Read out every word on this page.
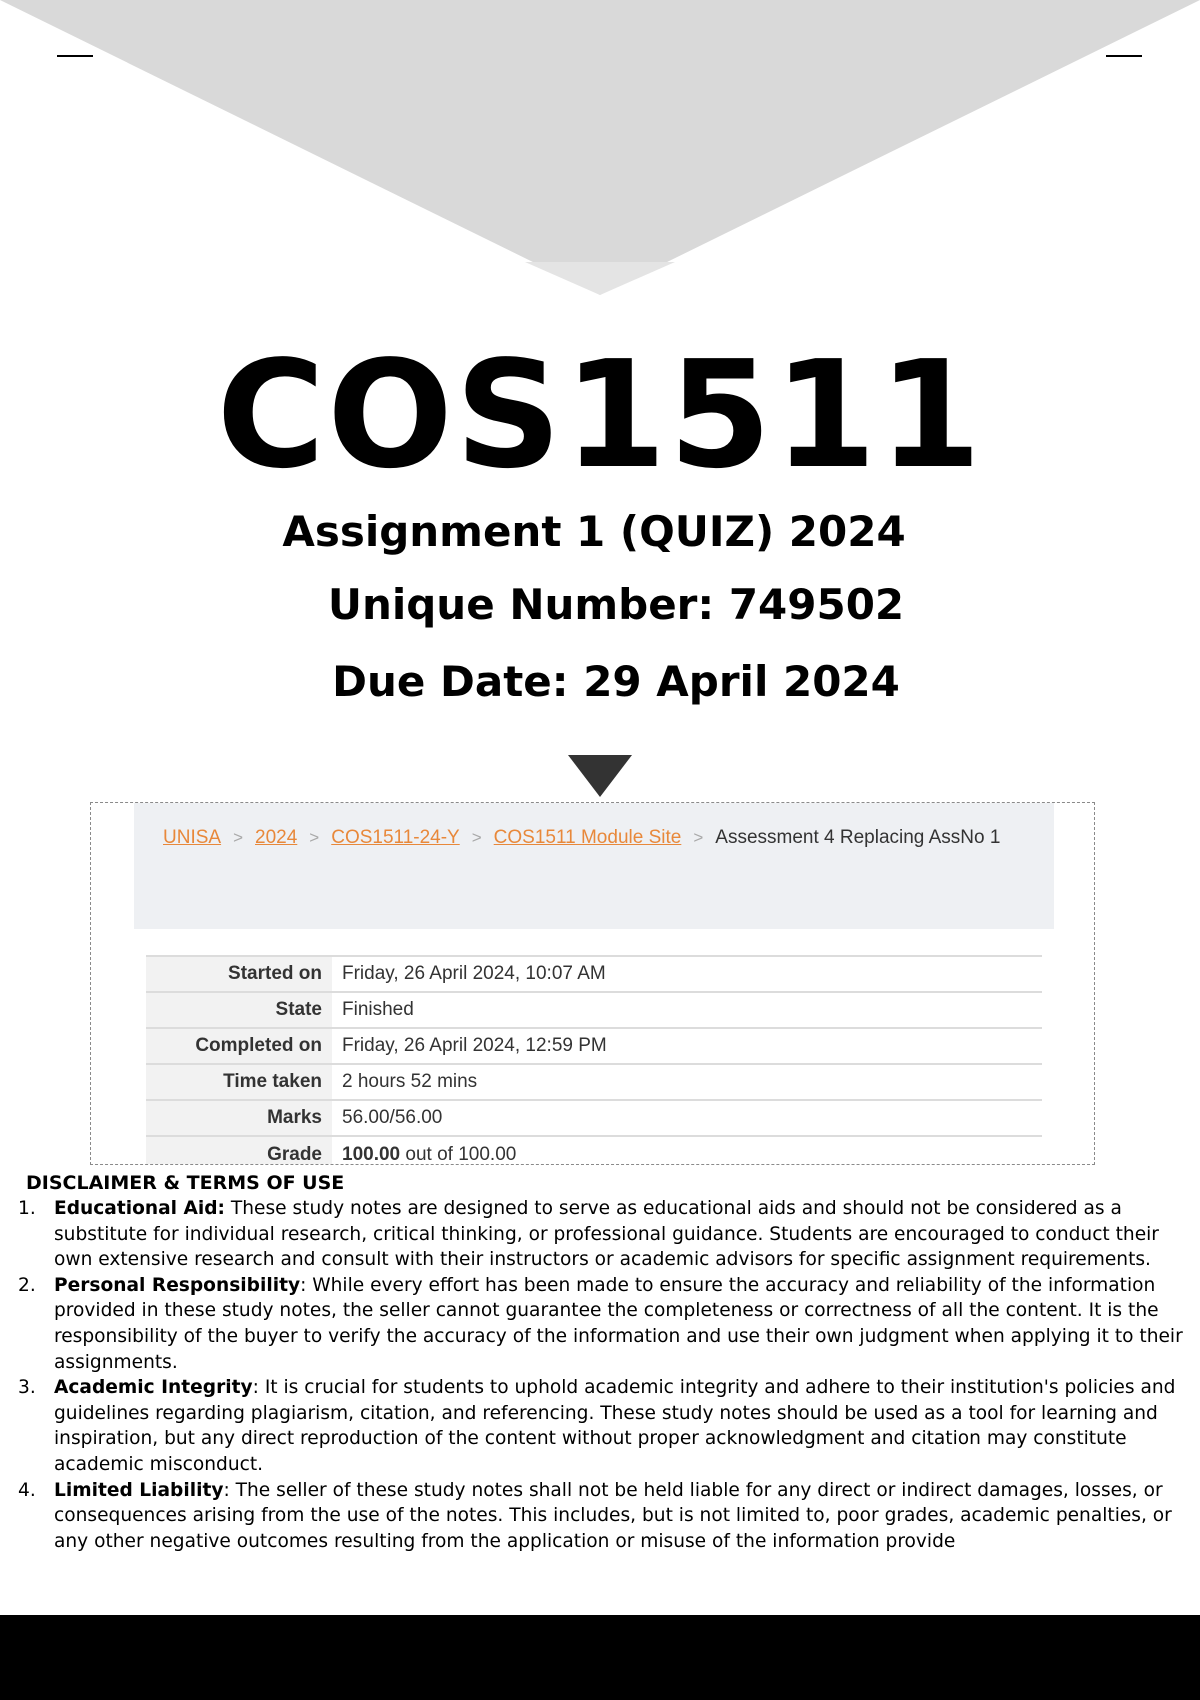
COS1511
Assignment 1 (QUIZ) 2024
Unique Number: 749502
Due Date: 29 April 2024
UNISA > 2024 > COS1511-24-Y > COS1511 Module Site > Assessment 4 Replacing AssNo 1
Started on	Friday, 26 April 2024, 10:07 AM
State	Finished
Completed on	Friday, 26 April 2024, 12:59 PM
Time taken	2 hours 52 mins
Marks	56.00/56.00
Grade	100.00 out of 100.00
DISCLAIMER & TERMS OF USE
1. Educational Aid: These study notes are designed to serve as educational aids and should not be considered as a substitute for individual research, critical thinking, or professional guidance. Students are encouraged to conduct their own extensive research and consult with their instructors or academic advisors for specific assignment requirements.
2. Personal Responsibility: While every effort has been made to ensure the accuracy and reliability of the information provided in these study notes, the seller cannot guarantee the completeness or correctness of all the content. It is the responsibility of the buyer to verify the accuracy of the information and use their own judgment when applying it to their assignments.
3. Academic Integrity: It is crucial for students to uphold academic integrity and adhere to their institution's policies and guidelines regarding plagiarism, citation, and referencing. These study notes should be used as a tool for learning and inspiration, but any direct reproduction of the content without proper acknowledgment and citation may constitute academic misconduct.
4. Limited Liability: The seller of these study notes shall not be held liable for any direct or indirect damages, losses, or consequences arising from the use of the notes. This includes, but is not limited to, poor grades, academic penalties, or any other negative outcomes resulting from the application or misuse of the information provide
